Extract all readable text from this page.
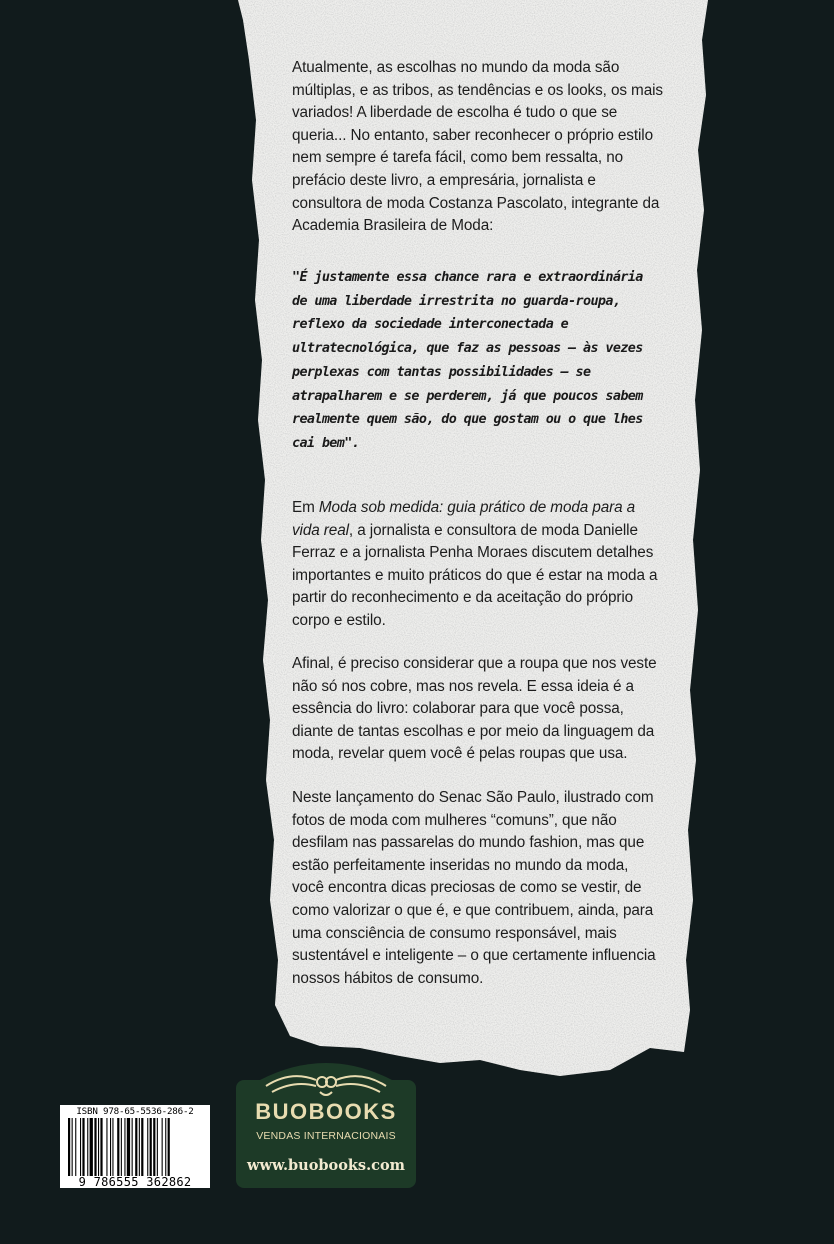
Atualmente, as escolhas no mundo da moda são múltiplas, e as tribos, as tendências e os looks, os mais variados! A liberdade de escolha é tudo o que se queria... No entanto, saber reconhecer o próprio estilo nem sempre é tarefa fácil, como bem ressalta, no prefácio deste livro, a empresária, jornalista e consultora de moda Costanza Pascolato, integrante da Academia Brasileira de Moda:

"É justamente essa chance rara e extraordinária de uma liberdade irrestrita no guarda-roupa, reflexo da sociedade interconectada e ultratecnológica, que faz as pessoas – às vezes perplexas com tantas possibilidades – se atrapalharem e se perderem, já que poucos sabem realmente quem são, do que gostam ou o que lhes cai bem".

Em Moda sob medida: guia prático de moda para a vida real, a jornalista e consultora de moda Danielle Ferraz e a jornalista Penha Moraes discutem detalhes importantes e muito práticos do que é estar na moda a partir do reconhecimento e da aceitação do próprio corpo e estilo.

Afinal, é preciso considerar que a roupa que nos veste não só nos cobre, mas nos revela. E essa ideia é a essência do livro: colaborar para que você possa, diante de tantas escolhas e por meio da linguagem da moda, revelar quem você é pelas roupas que usa.

Neste lançamento do Senac São Paulo, ilustrado com fotos de moda com mulheres “comuns”, que não desfilam nas passarelas do mundo fashion, mas que estão perfeitamente inseridas no mundo da moda, você encontra dicas preciosas de como se vestir, de como valorizar o que é, e que contribuem, ainda, para uma consciência de consumo responsável, mais sustentável e inteligente – o que certamente influencia nossos hábitos de consumo.

ISBN 978-65-5536-286-2
9 786555 362862
BUOBOOKS
VENDAS INTERNACIONAIS
www.buobooks.com
